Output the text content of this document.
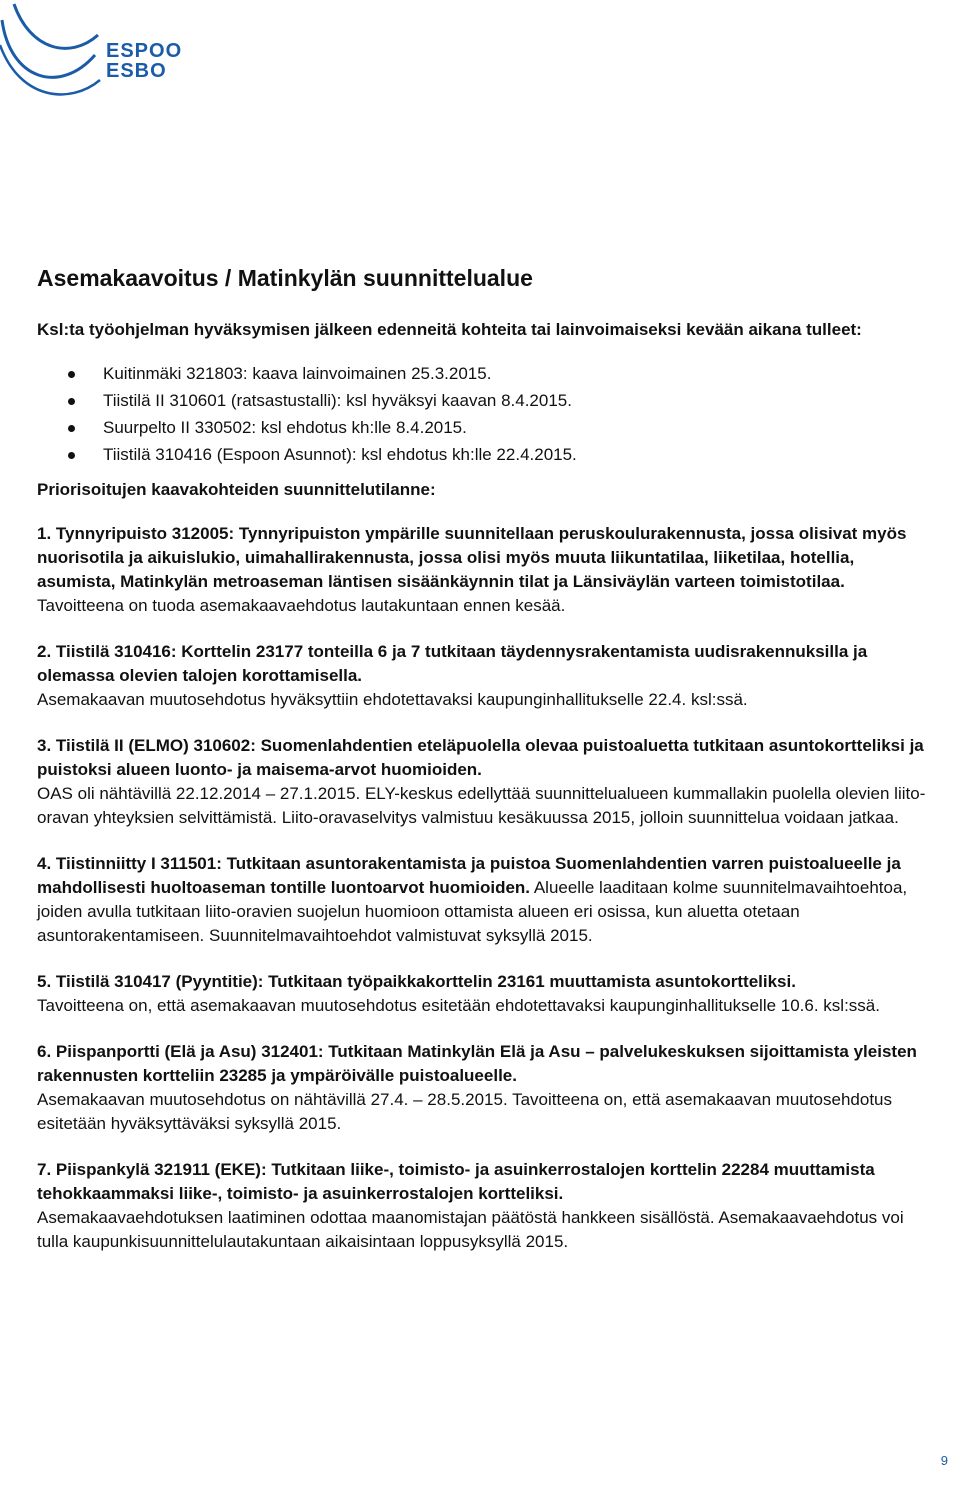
ESPOO
ESBO
Asemakaavoitus / Matinkylän suunnittelualue

Ksl:ta työohjelman hyväksymisen jälkeen edenneitä kohteita tai lainvoimaiseksi kevään aikana tulleet:

Kuitinmäki 321803: kaava lainvoimainen 25.3.2015.
Tiistilä II 310601 (ratsastustalli): ksl hyväksyi kaavan 8.4.2015.
Suurpelto II 330502: ksl ehdotus kh:lle 8.4.2015.
Tiistilä 310416 (Espoon Asunnot): ksl ehdotus kh:lle 22.4.2015.

Priorisoitujen kaavakohteiden suunnittelutilanne:

1. Tynnyripuisto 312005: Tynnyripuiston ympärille suunnitellaan peruskoulurakennusta, jossa olisivat myös nuorisotila ja aikuislukio, uimahallirakennusta, jossa olisi myös muuta liikuntatilaa, liiketilaa, hotellia, asumista, Matinkylän metroaseman läntisen sisäänkäynnin tilat ja Länsiväylän varteen toimistotilaa.
Tavoitteena on tuoda asemakaavaehdotus lautakuntaan ennen kesää.
2. Tiistilä 310416: Korttelin 23177 tonteilla 6 ja 7 tutkitaan täydennysrakentamista uudisrakennuksilla ja olemassa olevien talojen korottamisella.
Asemakaavan muutosehdotus hyväksyttiin ehdotettavaksi kaupunginhallitukselle 22.4. ksl:ssä.
3. Tiistilä II (ELMO) 310602: Suomenlahdentien eteläpuolella olevaa puistoaluetta tutkitaan asuntokortteliksi ja puistoksi alueen luonto- ja maisema-arvot huomioiden.
OAS oli nähtävillä 22.12.2014 – 27.1.2015. ELY-keskus edellyttää suunnittelualueen kummallakin puolella olevien liito-oravan yhteyksien selvittämistä. Liito-oravaselvitys valmistuu kesäkuussa 2015, jolloin suunnittelua voidaan jatkaa.
4. Tiistinniitty I 311501: Tutkitaan asuntorakentamista ja puistoa Suomenlahdentien varren puistoalueelle ja mahdollisesti huoltoaseman tontille luontoarvot huomioiden. Alueelle laaditaan kolme suunnitelmavaihtoehtoa, joiden avulla tutkitaan liito-oravien suojelun huomioon ottamista alueen eri osissa, kun aluetta otetaan asuntorakentamiseen. Suunnitelmavaihtoehdot valmistuvat syksyllä 2015.
5. Tiistilä 310417 (Pyyntitie): Tutkitaan työpaikkakorttelin 23161 muuttamista asuntokortteliksi.
Tavoitteena on, että asemakaavan muutosehdotus esitetään ehdotettavaksi kaupunginhallitukselle 10.6. ksl:ssä.
6. Piispanportti (Elä ja Asu) 312401: Tutkitaan Matinkylän Elä ja Asu – palvelukeskuksen sijoittamista yleisten rakennusten kortteliin 23285 ja ympäröivälle puistoalueelle.
Asemakaavan muutosehdotus on nähtävillä 27.4. – 28.5.2015. Tavoitteena on, että asemakaavan muutosehdotus esitetään hyväksyttäväksi syksyllä 2015.
7. Piispankylä 321911 (EKE): Tutkitaan liike-, toimisto- ja asuinkerrostalojen korttelin 22284 muuttamista tehokkaammaksi liike-, toimisto- ja asuinkerrostalojen kortteliksi.
Asemakaavaehdotuksen laatiminen odottaa maanomistajan päätöstä hankkeen sisällöstä. Asemakaavaehdotus voi tulla kaupunkisuunnittelulautakuntaan aikaisintaan loppusyksyllä 2015.
9
